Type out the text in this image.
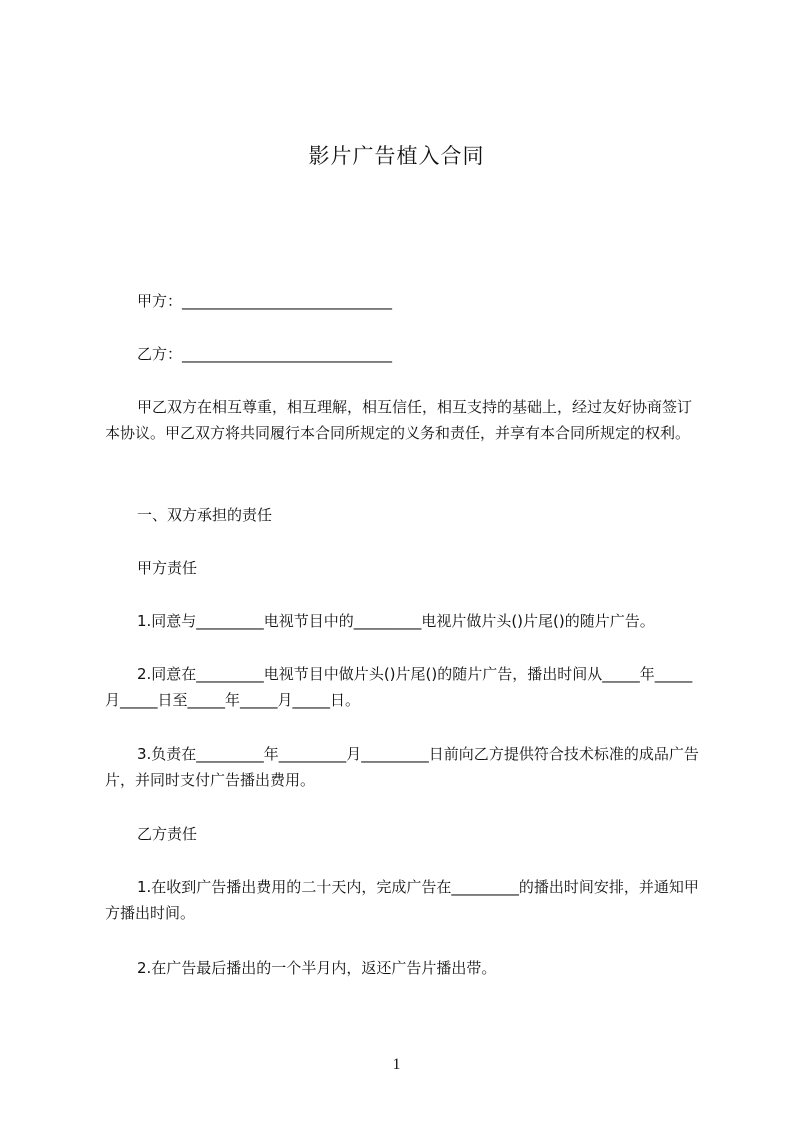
影片广告植入合同
甲方：____________________________
乙方：____________________________
甲乙双方在相互尊重，相互理解，相互信任，相互支持的基础上，经过友好协商签订本协议。甲乙双方将共同履行本合同所规定的义务和责任，并享有本合同所规定的权利。
一、双方承担的责任
甲方责任
1.同意与_________电视节目中的_________电视片做片头()片尾()的随片广告。
2.同意在_________电视节目中做片头()片尾()的随片广告，播出时间从_____年_____月_____日至_____年_____月_____日。
3.负责在_________年_________月_________日前向乙方提供符合技术标准的成品广告片，并同时支付广告播出费用。
乙方责任
1.在收到广告播出费用的二十天内，完成广告在_________的播出时间安排，并通知甲方播出时间。
2.在广告最后播出的一个半月内，返还广告片播出带。
1
